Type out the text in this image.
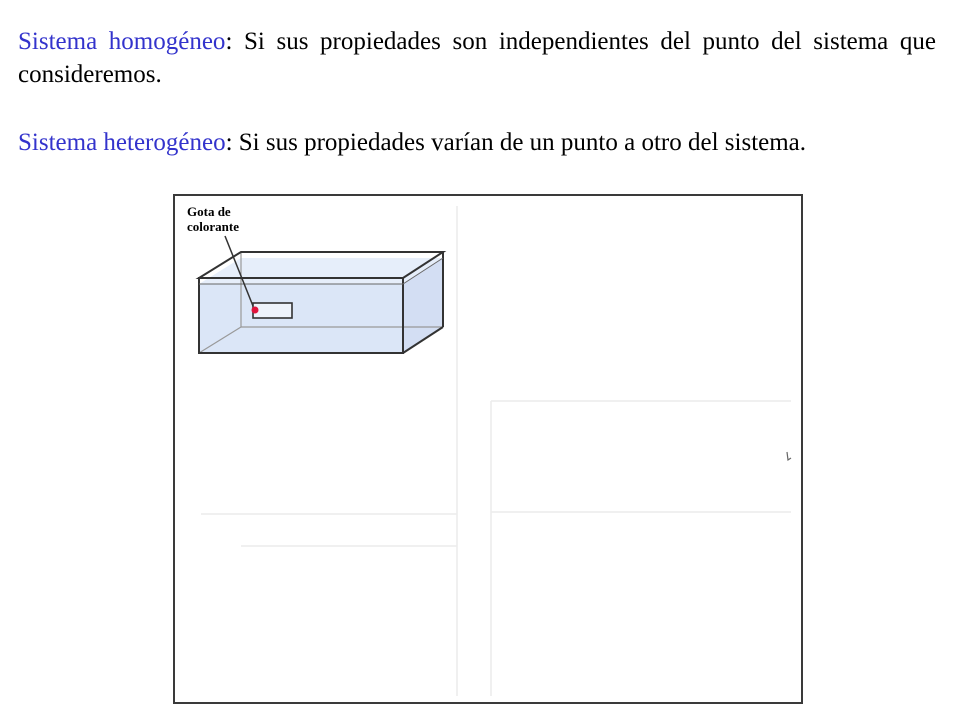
Sistema homogéneo: Si sus propiedades son independientes del punto del sistema que consideremos.

Sistema heterogéneo: Si sus propiedades varían de un punto a otro del sistema.

Gota de
colorante
